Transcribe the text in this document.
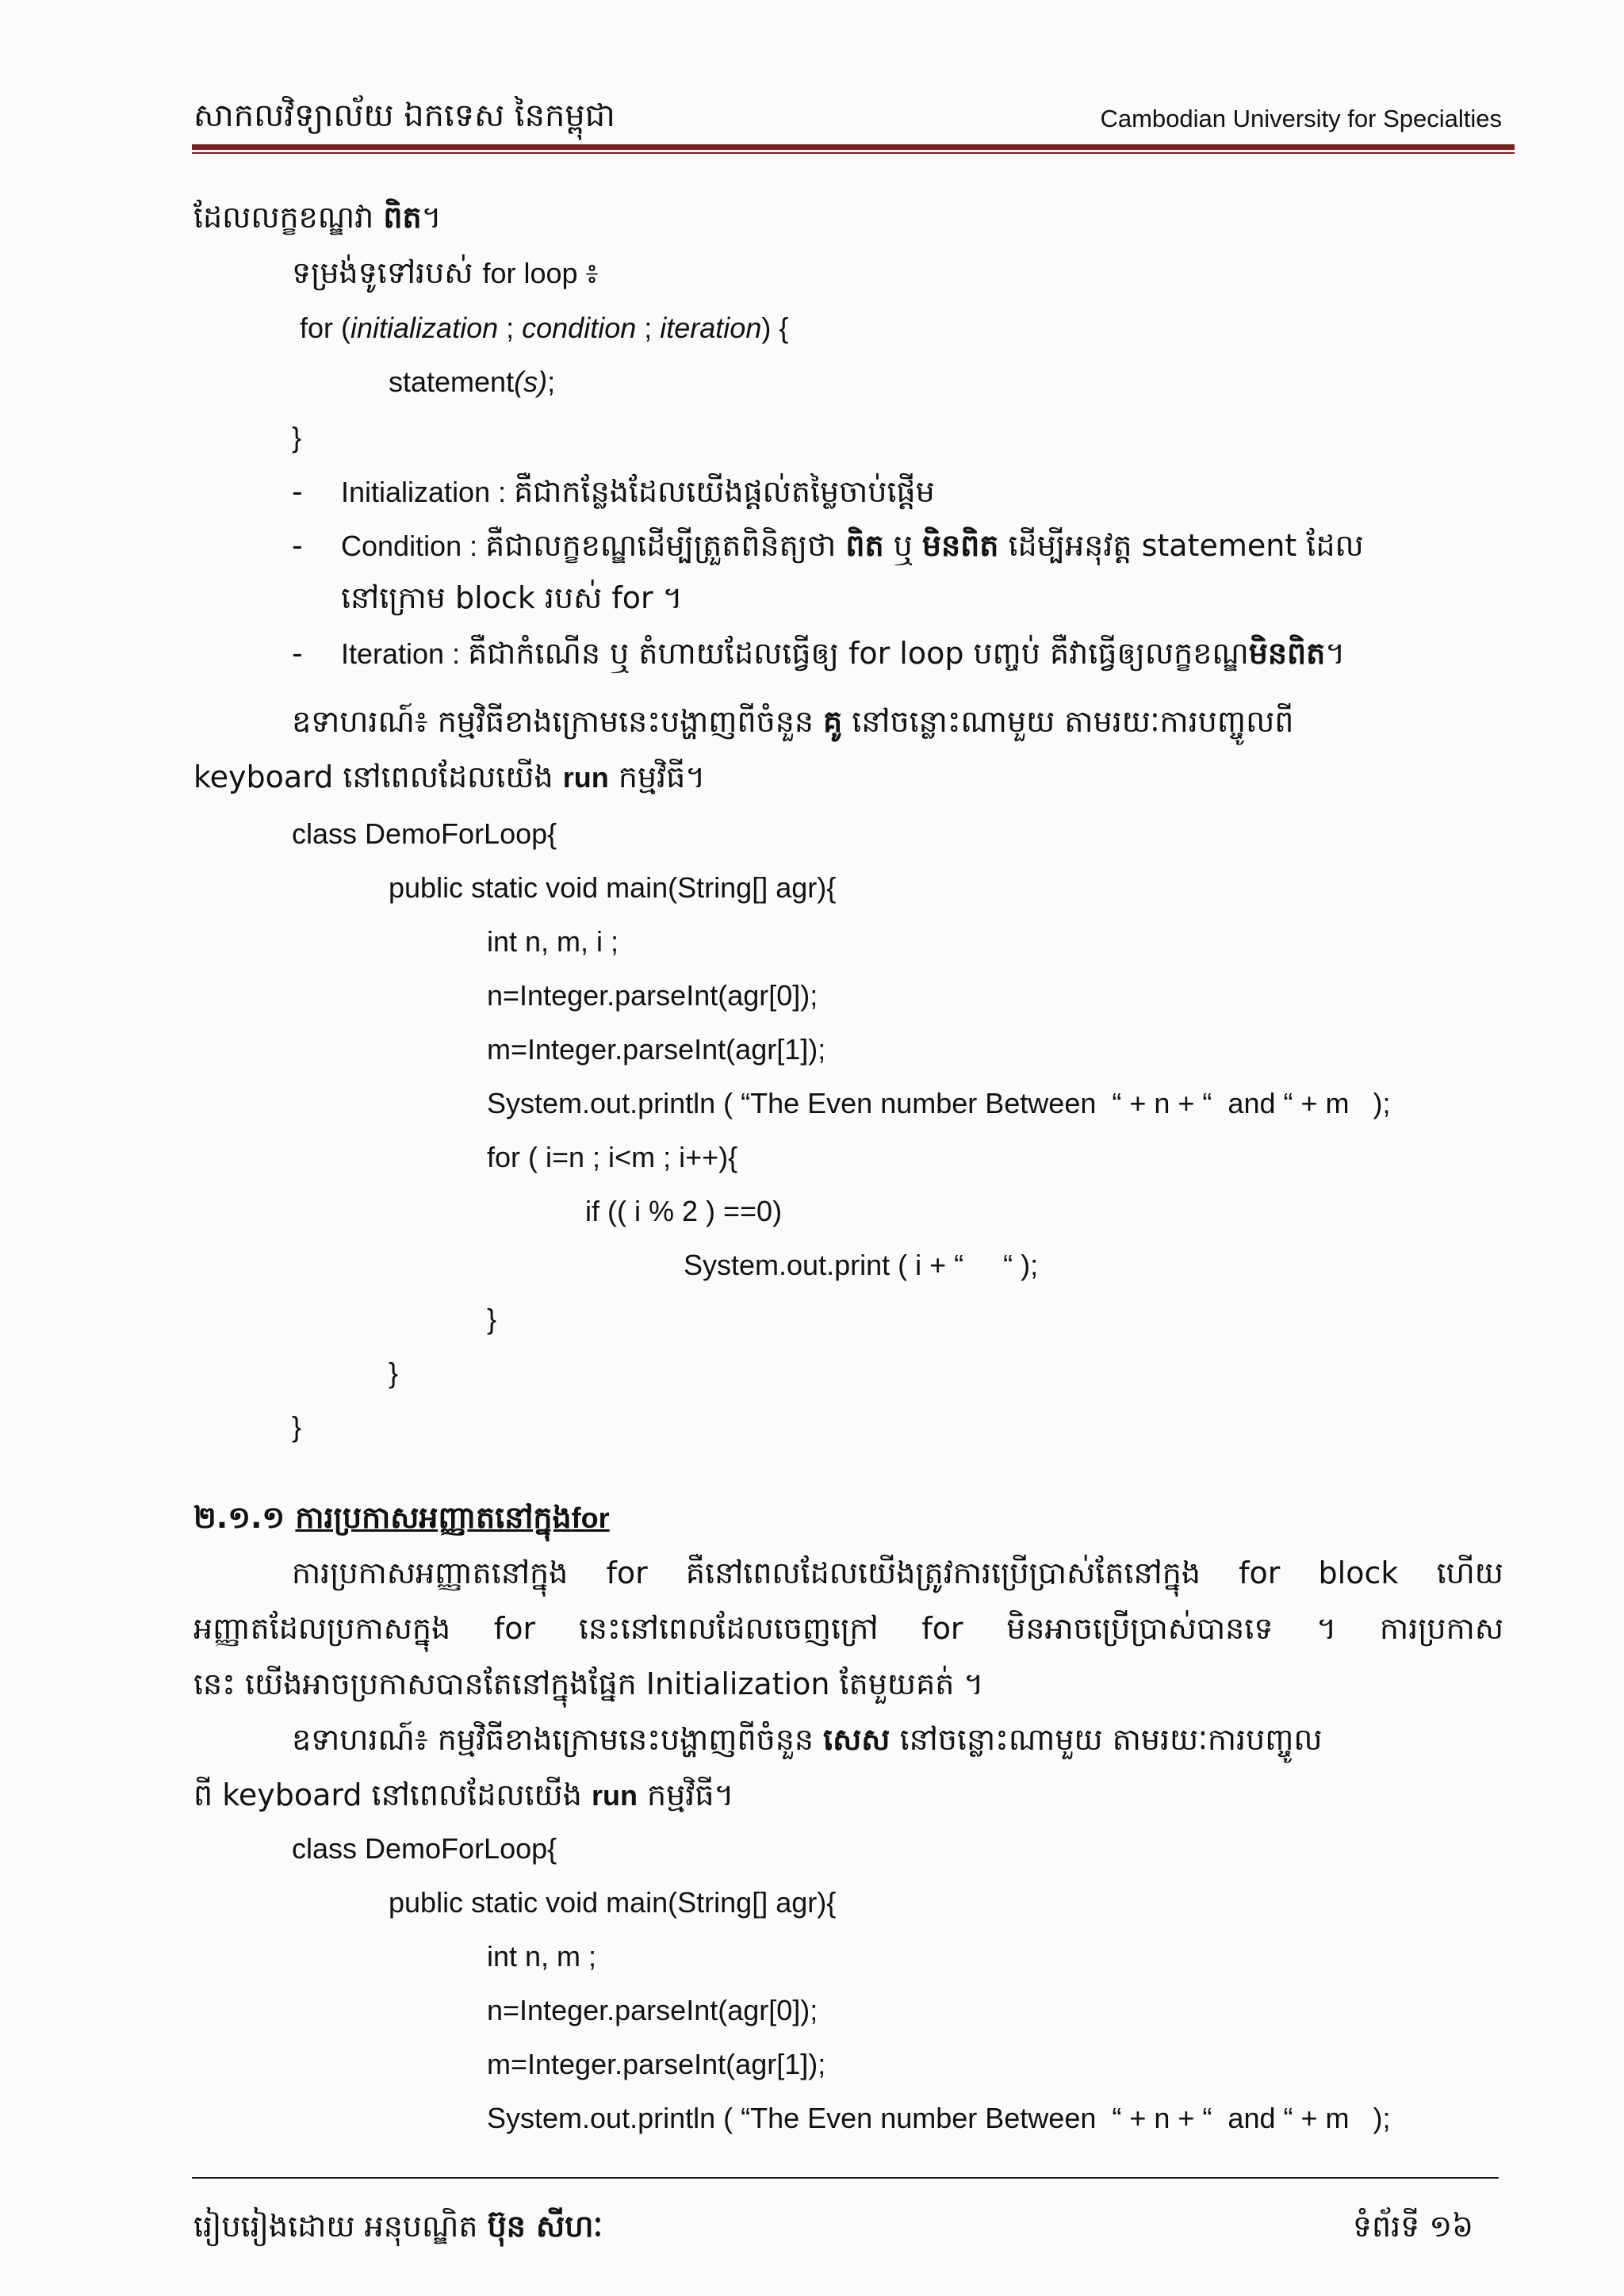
សាកលវិទ្យាល័យ ឯកទេស នៃកម្ពុជា	Cambodian University for Specialties
ដែលលក្ខខណ្ឌវា ពិត។
ទម្រង់ទូទៅរបស់ for loop ៖
for (initialization ; condition ; iteration) {
statement(s);
}
- Initialization : គឺជាកន្លែងដែលយើងផ្តល់តម្លៃចាប់ផ្តើម
- Condition : គឺជាលក្ខខណ្ឌដើម្បីត្រួតពិនិត្យថា ពិត ឬ មិនពិត ដើម្បីអនុវត្ត statement ដែល
នៅក្រោម block របស់ for ។
- Iteration : គឺជាកំណើន ឬ តំហាយដែលធ្វើឲ្យ for loop បញ្ចប់ គឺវាធ្វើឲ្យលក្ខខណ្ឌមិនពិត។
ឧទាហរណ៍៖ កម្មវិធីខាងក្រោមនេះបង្ហាញពីចំនួន គូ នៅចន្លោះណាមួយ តាមរយៈការបញ្ចូលពី
keyboard នៅពេលដែលយើង run កម្មវិធី។
class DemoForLoop{
public static void main(String[] agr){
int n, m, i ;
n=Integer.parseInt(agr[0]);
m=Integer.parseInt(agr[1]);
System.out.println ( “The Even number Between  “ + n + “  and “ + m   );
for ( i=n ; i<m ; i++){
if (( i % 2 ) ==0)
System.out.print ( i + “     “ );
}
}
}
២.១.១ ការប្រកាសអញ្ញាតនៅក្នុងfor
ការប្រកាសអញ្ញាតនៅក្នុង for គឺនៅពេលដែលយើងត្រូវការប្រើប្រាស់តែនៅក្នុង for block ហើយ
អញ្ញាតដែលប្រកាសក្នុង for នេះនៅពេលដែលចេញក្រៅ for មិនអាចប្រើប្រាស់បានទេ ។ ការប្រកាស
នេះ យើងអាចប្រកាសបានតែនៅក្នុងផ្នែក Initialization តែមួយគត់ ។
ឧទាហរណ៍៖ កម្មវិធីខាងក្រោមនេះបង្ហាញពីចំនួន សេស នៅចន្លោះណាមួយ តាមរយៈការបញ្ចូល
ពី keyboard នៅពេលដែលយើង run កម្មវិធី។
class DemoForLoop{
public static void main(String[] agr){
int n, m ;
n=Integer.parseInt(agr[0]);
m=Integer.parseInt(agr[1]);
System.out.println ( “The Even number Between  “ + n + “  and “ + m   );
រៀបរៀងដោយ អនុបណ្ឌិត ប៊ុន សីហៈ	ទំព័រទី ១៦
